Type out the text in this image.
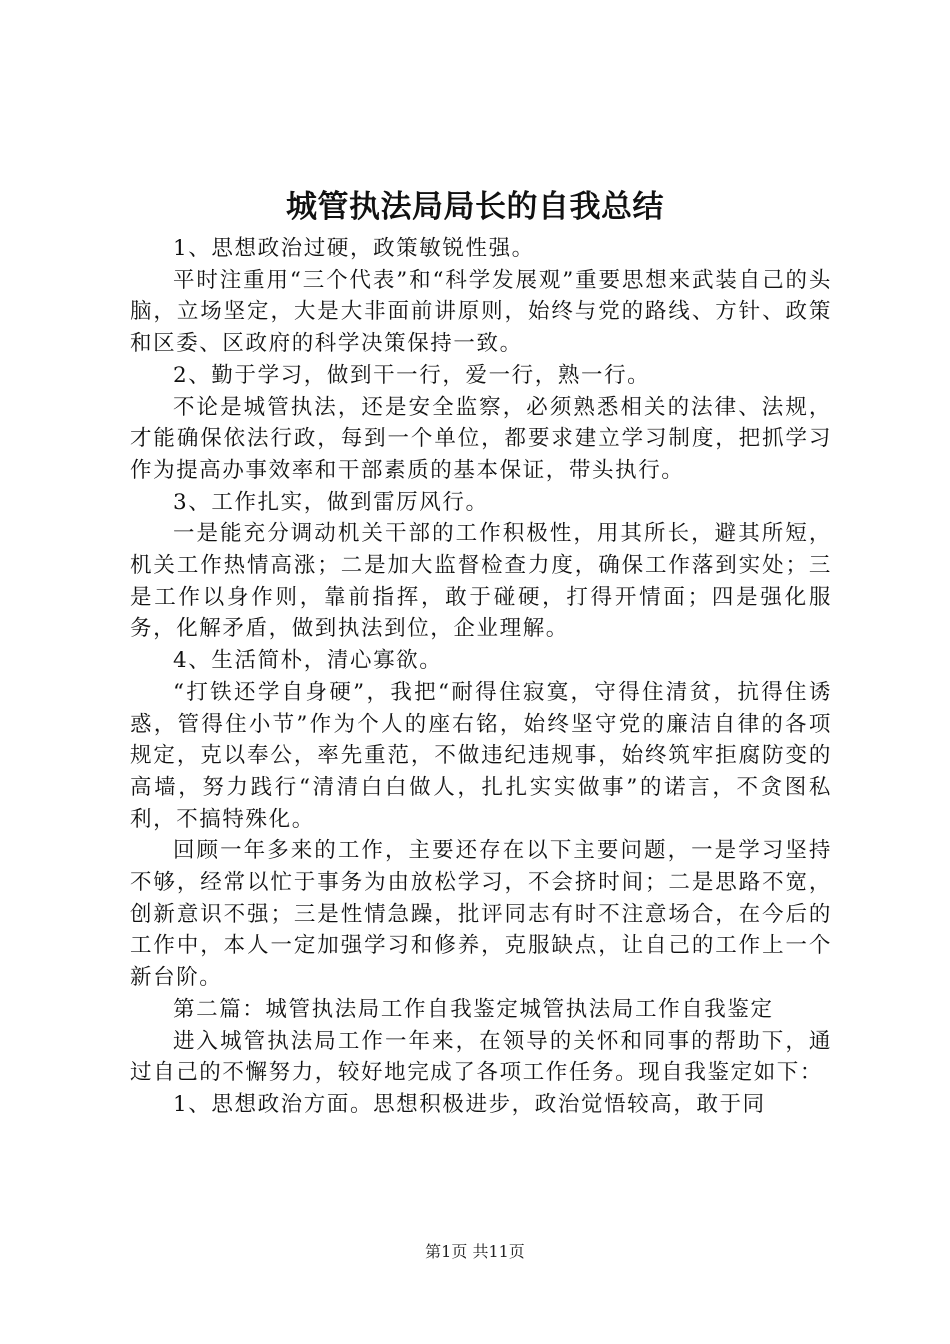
城管执法局局长的自我总结

1、思想政治过硬，政策敏锐性强。

平时注重用“三个代表”和“科学发展观”重要思想来武装自己的头脑，立场坚定，大是大非面前讲原则，始终与党的路线、方针、政策和区委、区政府的科学决策保持一致。

2、勤于学习，做到干一行，爱一行，熟一行。

不论是城管执法，还是安全监察，必须熟悉相关的法律、法规，才能确保依法行政，每到一个单位，都要求建立学习制度，把抓学习作为提高办事效率和干部素质的基本保证，带头执行。

3、工作扎实，做到雷厉风行。

一是能充分调动机关干部的工作积极性，用其所长，避其所短，机关工作热情高涨；二是加大监督检查力度，确保工作落到实处；三是工作以身作则，靠前指挥，敢于碰硬，打得开情面；四是强化服务，化解矛盾，做到执法到位，企业理解。

4、生活简朴，清心寡欲。

“打铁还学自身硬”，我把“耐得住寂寞，守得住清贫，抗得住诱惑，管得住小节”作为个人的座右铭，始终坚守党的廉洁自律的各项规定，克以奉公，率先重范，不做违纪违规事，始终筑牢拒腐防变的高墙，努力践行“清清白白做人，扎扎实实做事”的诺言，不贪图私利，不搞特殊化。

回顾一年多来的工作，主要还存在以下主要问题，一是学习坚持不够，经常以忙于事务为由放松学习，不会挤时间；二是思路不宽，创新意识不强；三是性情急躁，批评同志有时不注意场合，在今后的工作中，本人一定加强学习和修养，克服缺点，让自己的工作上一个新台阶。

第二篇：城管执法局工作自我鉴定城管执法局工作自我鉴定

进入城管执法局工作一年来，在领导的关怀和同事的帮助下，通过自己的不懈努力，较好地完成了各项工作任务。现自我鉴定如下：

1、思想政治方面。思想积极进步，政治觉悟较高，敢于同

第1页 共11页
